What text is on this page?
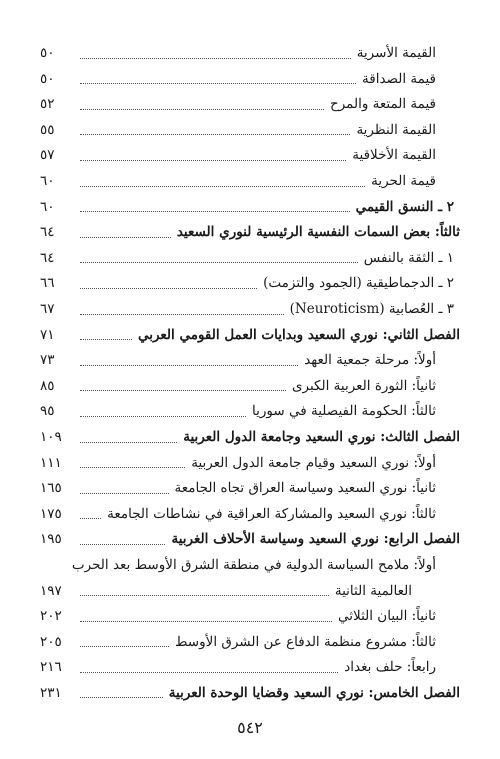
القيمة الأسرية
٥٠
قيمة الصداقة
٥٠
قيمة المتعة والمرح
٥٢
القيمة النظرية
٥٥
القيمة الأخلاقية
٥٧
قيمة الحرية
٦٠
٢ ـ النسق القيمي
٦٠
ثالثاً: بعض السمات النفسية الرئيسية لنوري السعيد
٦٤
١ ـ الثقة بالنفس
٦٤
٢ ـ الدجماطيقية (الجمود والتزمت)
٦٦
٣ ـ العُصابية (Neuroticism)
٦٧
الفصل الثاني: نوري السعيد وبدايات العمل القومي العربي
٧١
أولاً: مرحلة جمعية العهد
٧٣
ثانياً: الثورة العربية الكبرى
٨٥
ثالثاً: الحكومة الفيصلية في سوريا
٩٥
الفصل الثالث: نوري السعيد وجامعة الدول العربية
١٠٩
أولاً: نوري السعيد وقيام جامعة الدول العربية
١١١
ثانياً: نوري السعيد وسياسة العراق تجاه الجامعة
١٦٥
ثالثاً: نوري السعيد والمشاركة العراقية في نشاطات الجامعة
١٧٥
الفصل الرابع: نوري السعيد وسياسة الأحلاف الغربية
١٩٥
أولاً: ملامح السياسة الدولية في منطقة الشرق الأوسط بعد الحرب
العالمية الثانية
١٩٧
ثانياً: البيان الثلاثي
٢٠٢
ثالثاً: مشروع منظمة الدفاع عن الشرق الأوسط
٢٠٥
رابعاً: حلف بغداد
٢١٦
الفصل الخامس: نوري السعيد وقضايا الوحدة العربية
٢٣١
٥٤٢
